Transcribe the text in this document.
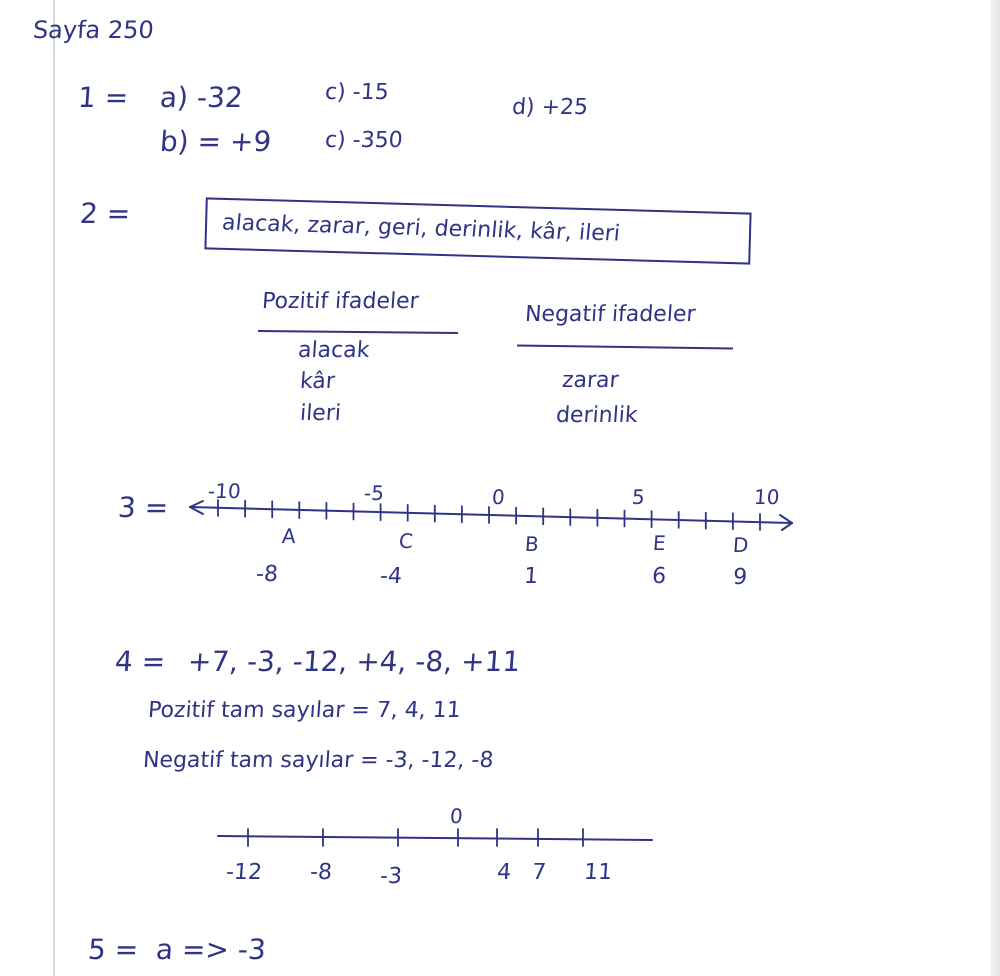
Sayfa 250
1 = a) -32
b) = +9
c) -15
c) -350
d) +25
2 =	alacak, zarar, geri, derinlik, kâr, ileri
Pozitif ifadeler
Negatif ifadeler
alacak
kâr
ileri
zarar
derinlik
3 = -10	-5	0	5	10
A	C	B	E	D
-8	-4	1	6	9
4 = +7, -3, -12, +4, -8, +11
Pozitif tam sayılar = 7, 4, 11
Negatif tam sayılar = -3, -12, -8
0
-12 -8 -3	4 7 11
5 = a => -3
